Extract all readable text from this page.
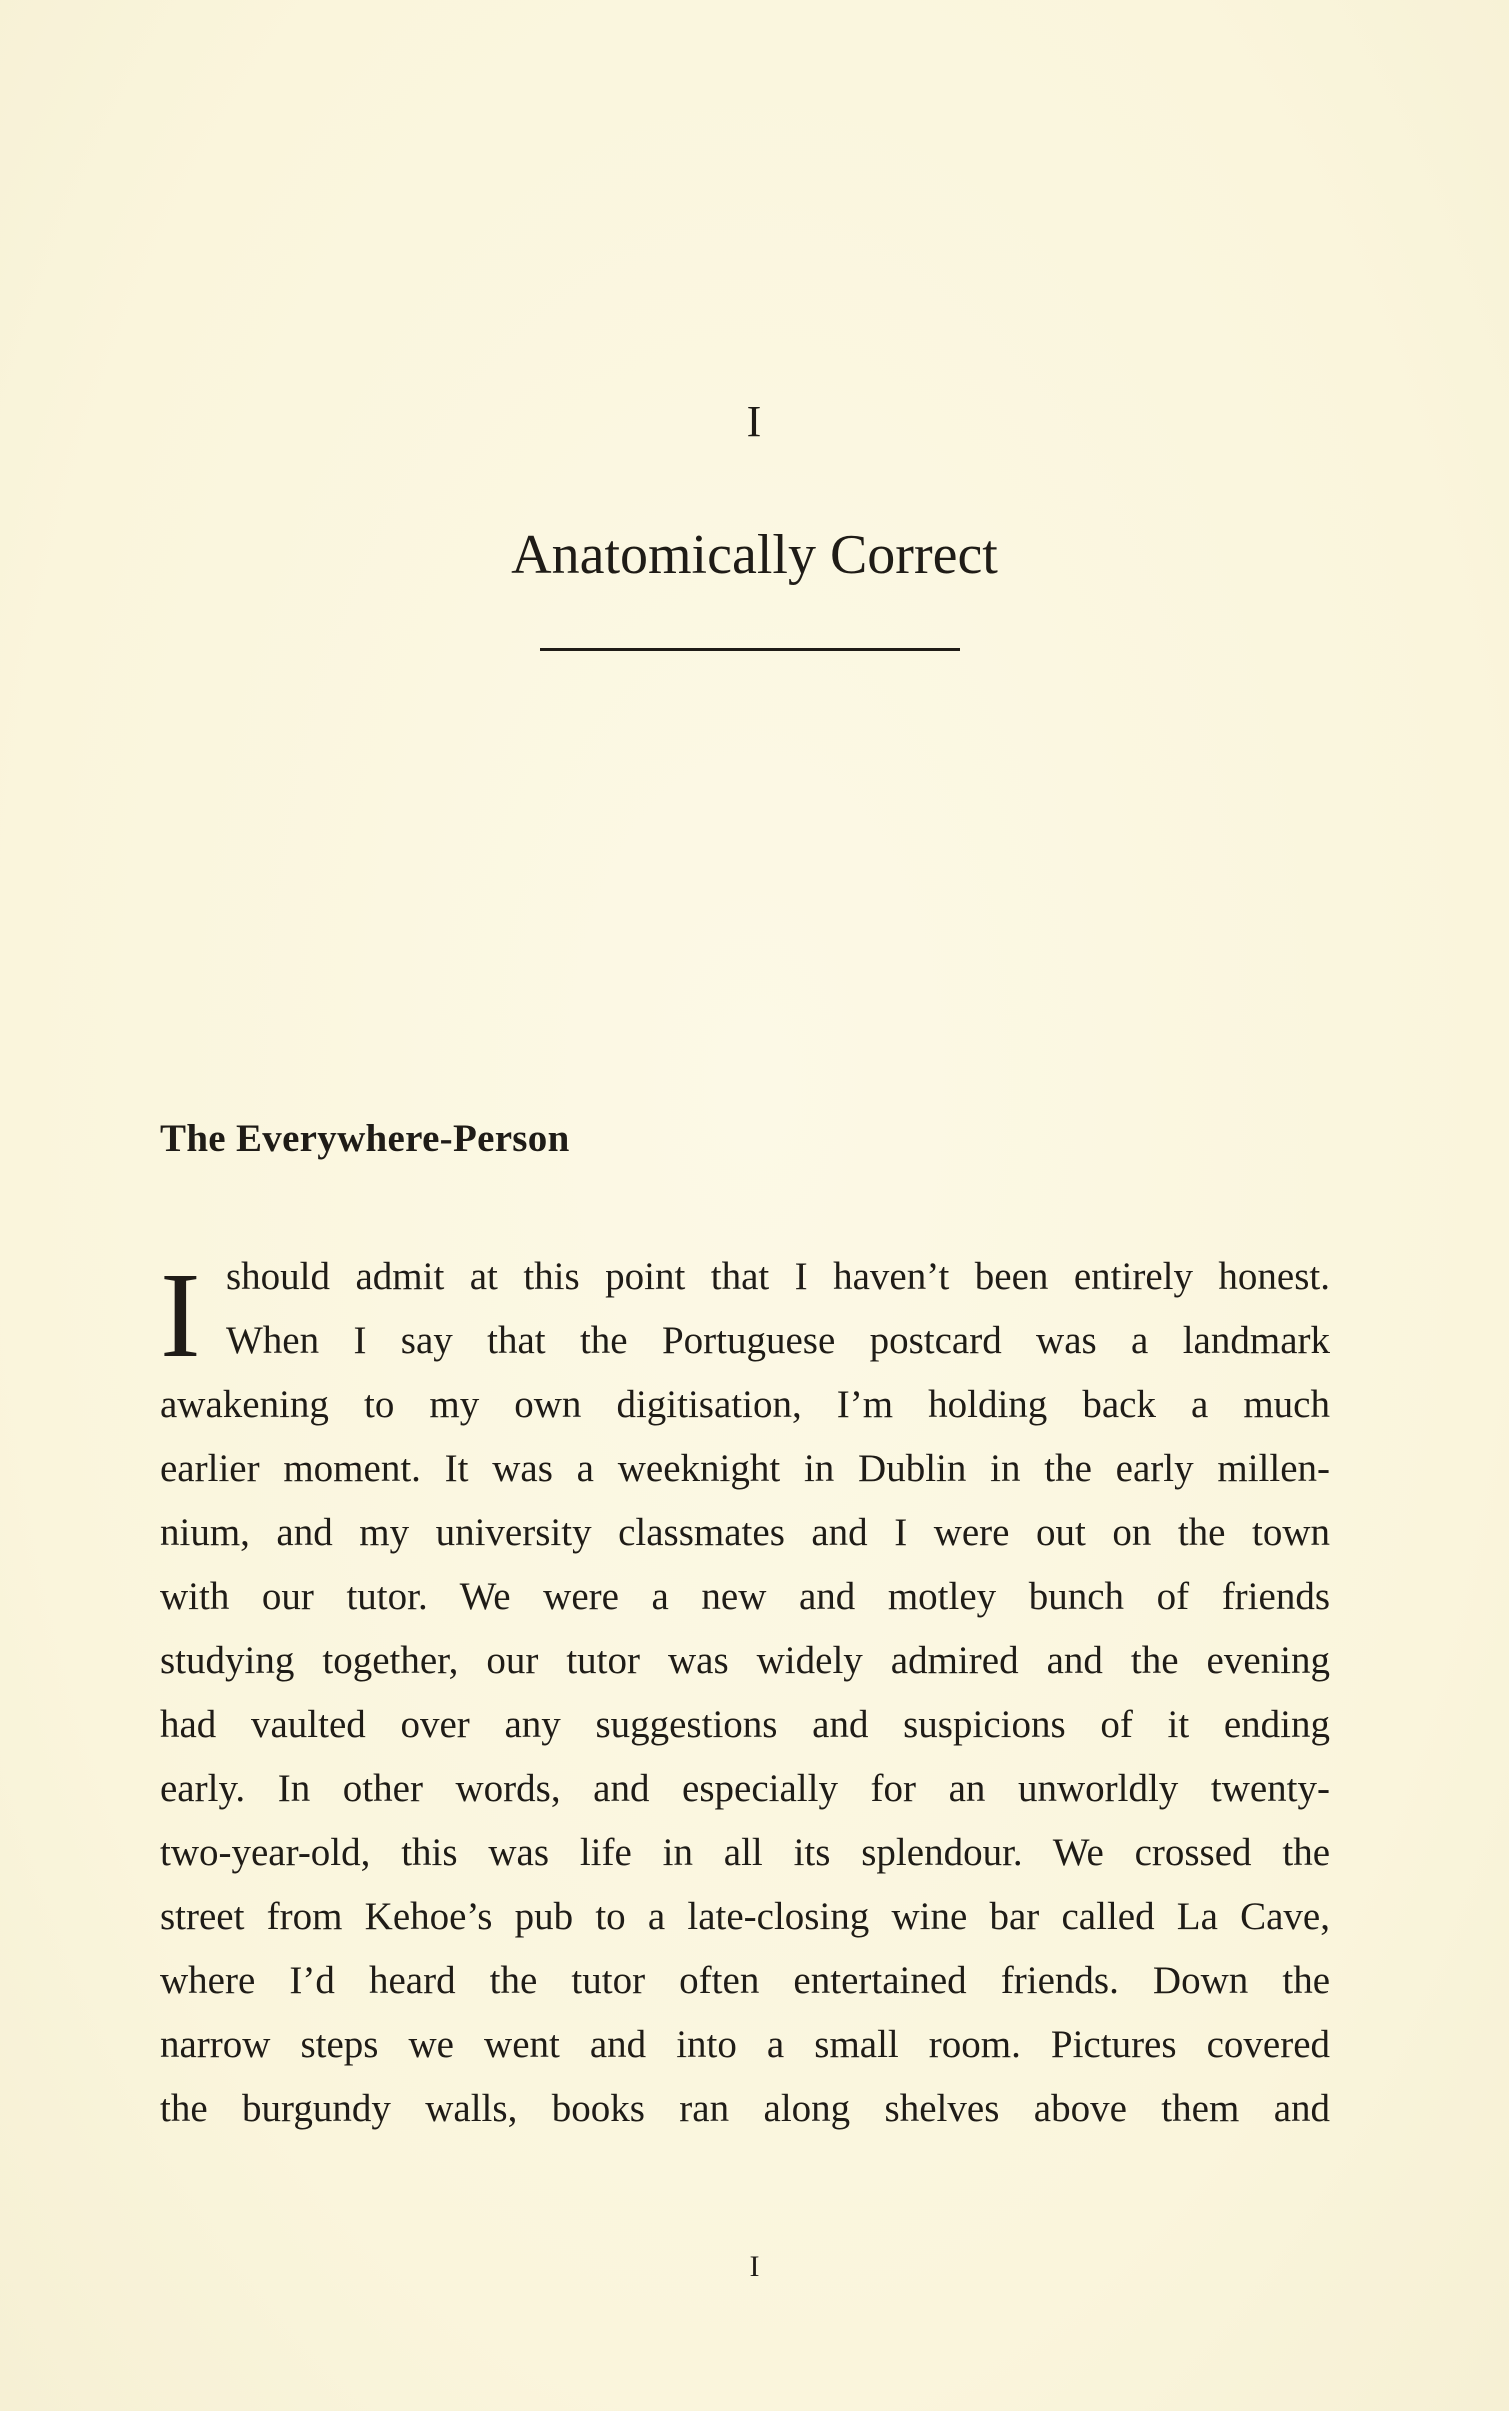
I
Anatomically Correct
The Everywhere-Person
I should admit at this point that I haven’t been entirely honest.
When I say that the Portuguese postcard was a landmark
awakening to my own digitisation, I’m holding back a much
earlier moment. It was a weeknight in Dublin in the early millen-
nium, and my university classmates and I were out on the town
with our tutor. We were a new and motley bunch of friends
studying together, our tutor was widely admired and the evening
had vaulted over any suggestions and suspicions of it ending
early. In other words, and especially for an unworldly twenty-
two-year-old, this was life in all its splendour. We crossed the
street from Kehoe’s pub to a late-closing wine bar called La Cave,
where I’d heard the tutor often entertained friends. Down the
narrow steps we went and into a small room. Pictures covered
the burgundy walls, books ran along shelves above them and
I
